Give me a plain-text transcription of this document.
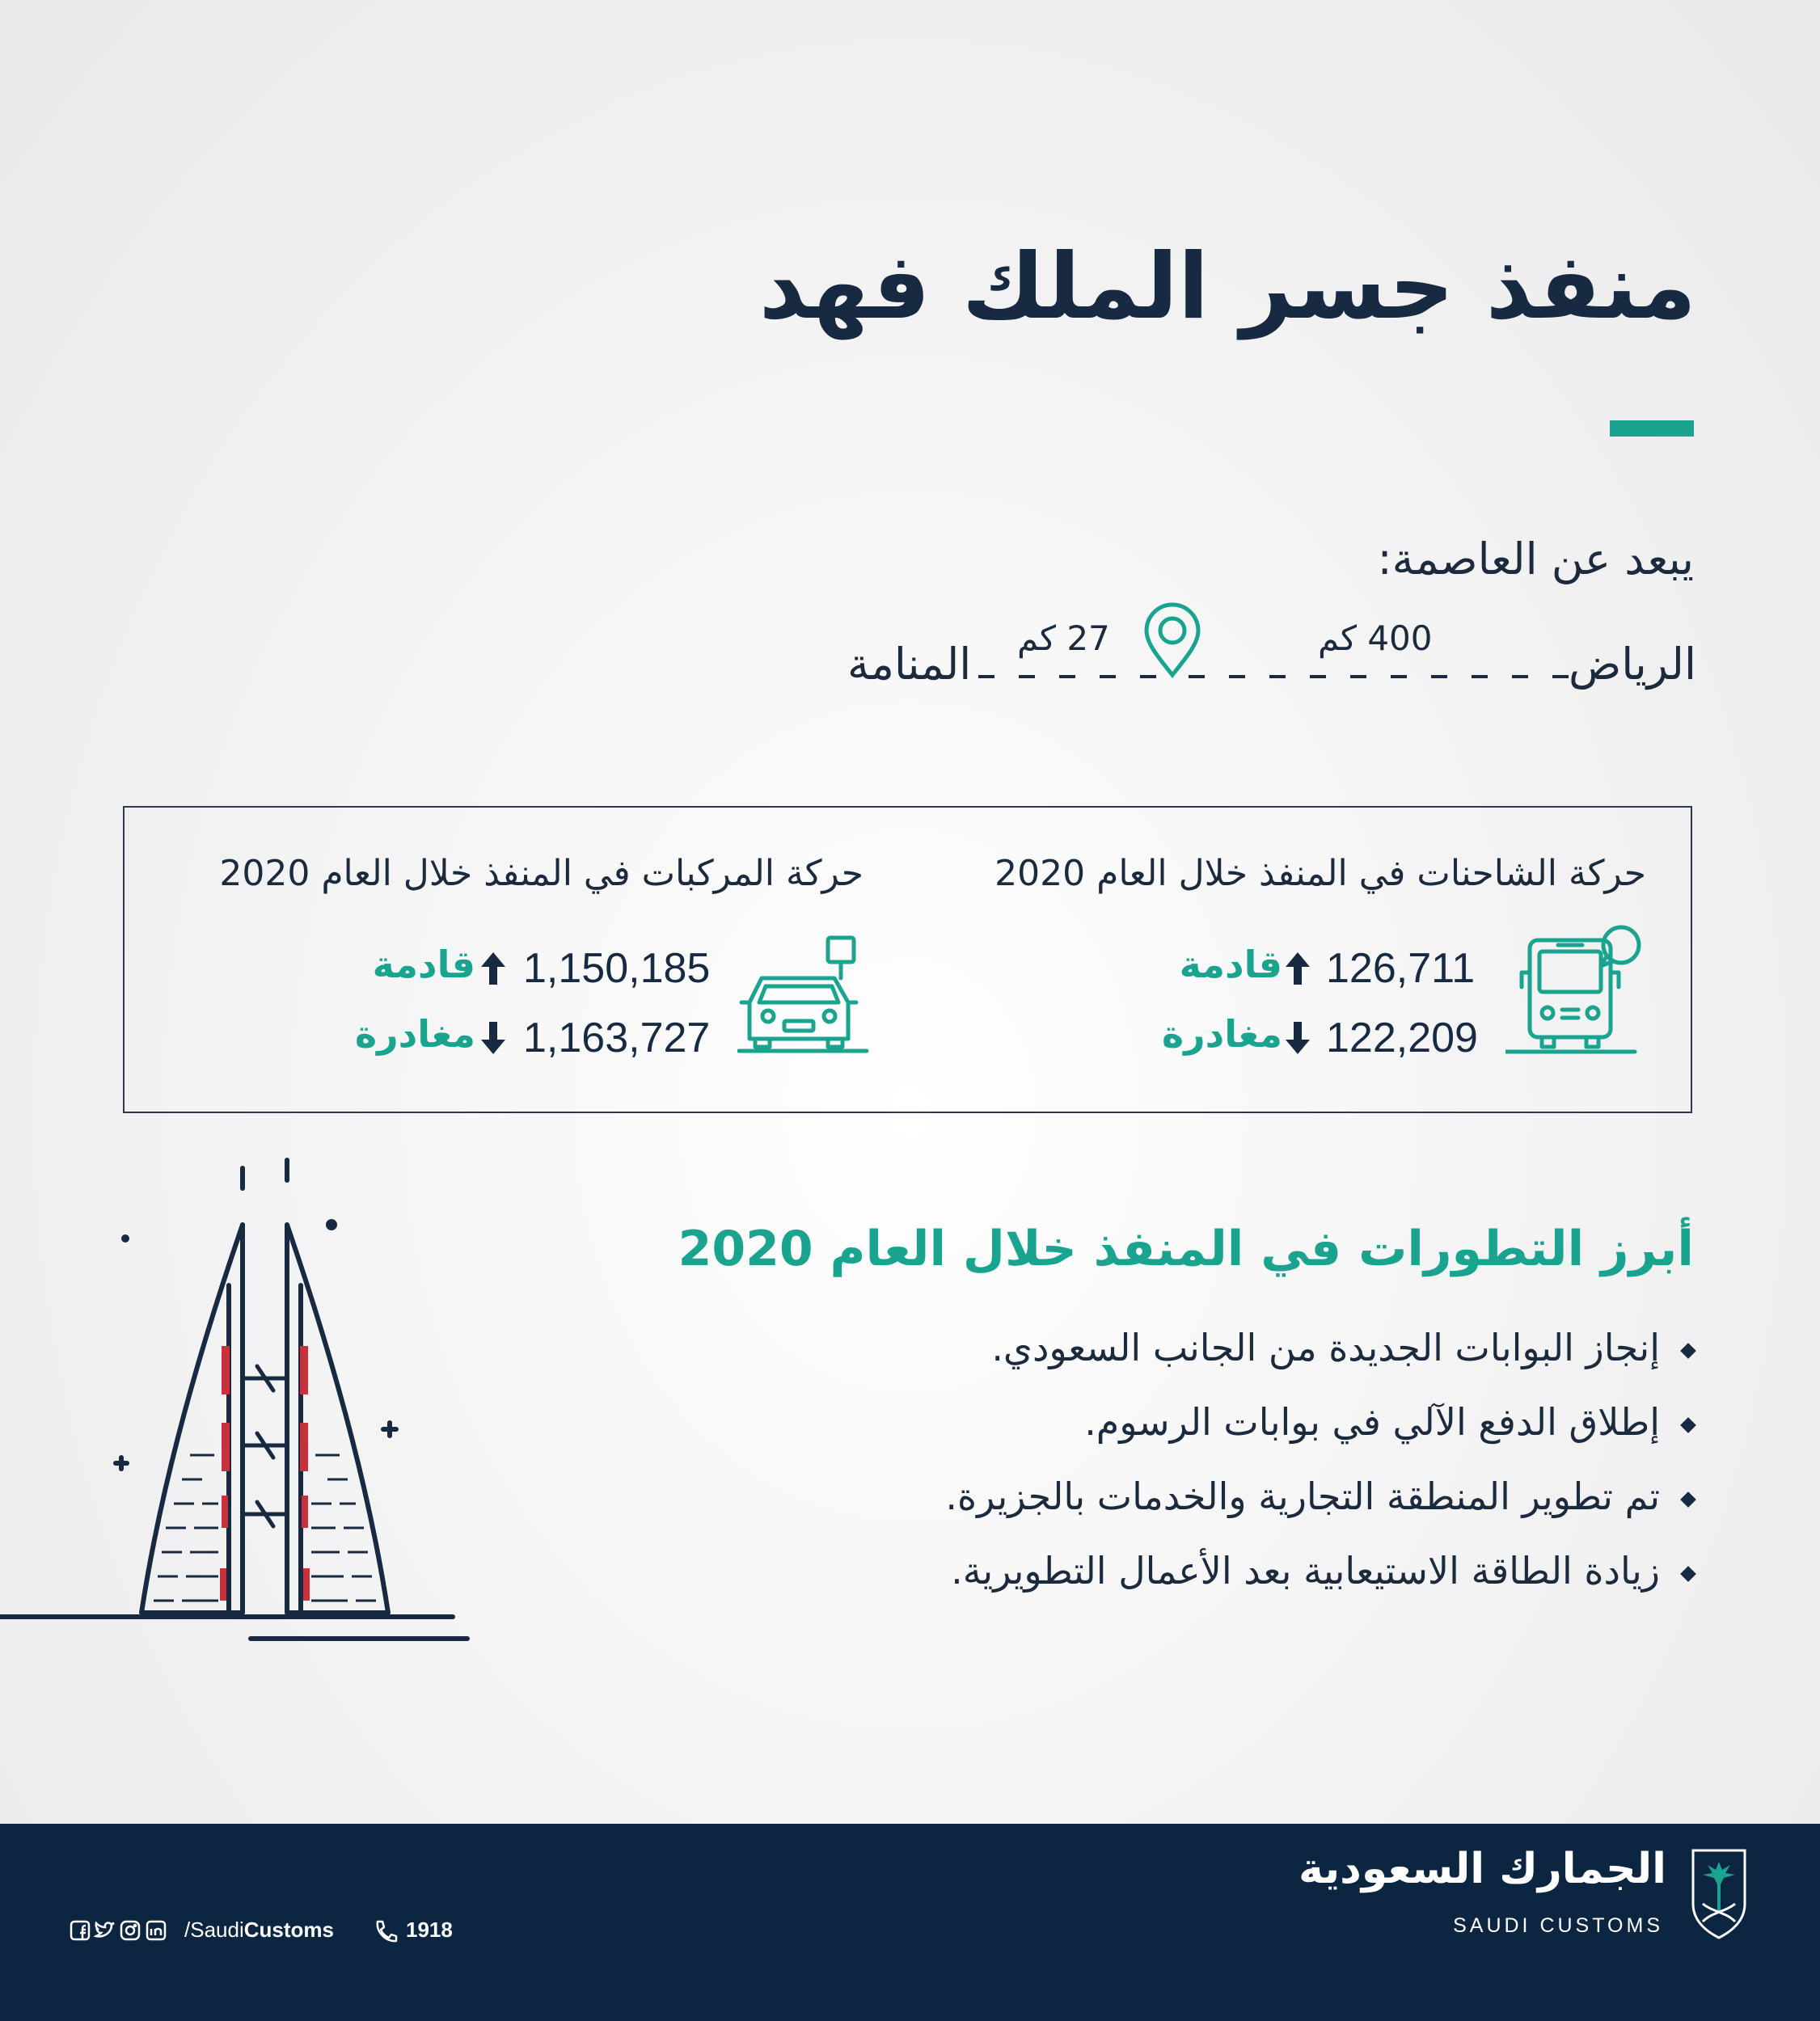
منفذ جسر الملك فهد
يبعد عن العاصمة:
الرياض
المنامة
400 كم
27 كم
حركة الشاحنات في المنفذ خلال العام 2020
126,711
قادمة
122,209
مغادرة
حركة المركبات في المنفذ خلال العام 2020
1,150,185
قادمة
1,163,727
مغادرة
أبرز التطورات في المنفذ خلال العام 2020
إنجاز البوابات الجديدة من الجانب السعودي.
إطلاق الدفع الآلي في بوابات الرسوم.
تم تطوير المنطقة التجارية والخدمات بالجزيرة.
زيادة الطاقة الاستيعابية بعد الأعمال التطويرية.
الجمارك السعودية
SAUDI CUSTOMS
/SaudiCustoms	1918
